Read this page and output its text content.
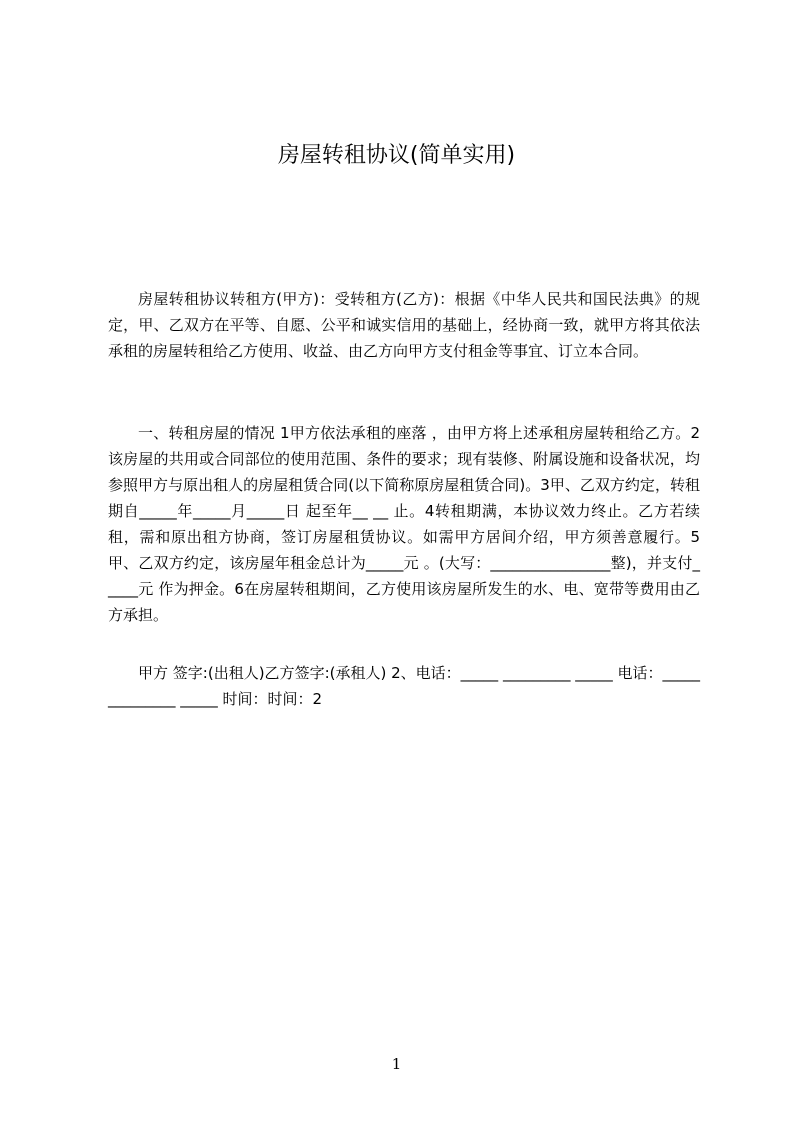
房屋转租协议(简单实用)

房屋转租协议转租方(甲方)：受转租方(乙方)：根据《中华人民共和国民法典》的规定，甲、乙双方在平等、自愿、公平和诚实信用的基础上，经协商一致，就甲方将其依法承租的房屋转租给乙方使用、收益、由乙方向甲方支付租金等事宜、订立本合同。

一、转租房屋的情况 1甲方依法承租的座落 ，由甲方将上述承租房屋转租给乙方。2该房屋的共用或合同部位的使用范围、条件的要求；现有装修、附属设施和设备状况，均参照甲方与原出租人的房屋租赁合同(以下简称原房屋租赁合同)。3甲、乙双方约定，转租期自_____年_____月_____日 起至年__ __ 止。4转租期满，本协议效力终止。乙方若续租，需和原出租方协商，签订房屋租赁协议。如需甲方居间介绍，甲方须善意履行。5甲、乙双方约定，该房屋年租金总计为_____元 。(大写：________________整)，并支付_____元 作为押金。6在房屋转租期间，乙方使用该房屋所发生的水、电、宽带等费用由乙方承担。

甲方 签字:(出租人)乙方签字:(承租人) 2、电话：_____ _________ _____ 电话：_____ _________ _____ 时间：时间：2

1
